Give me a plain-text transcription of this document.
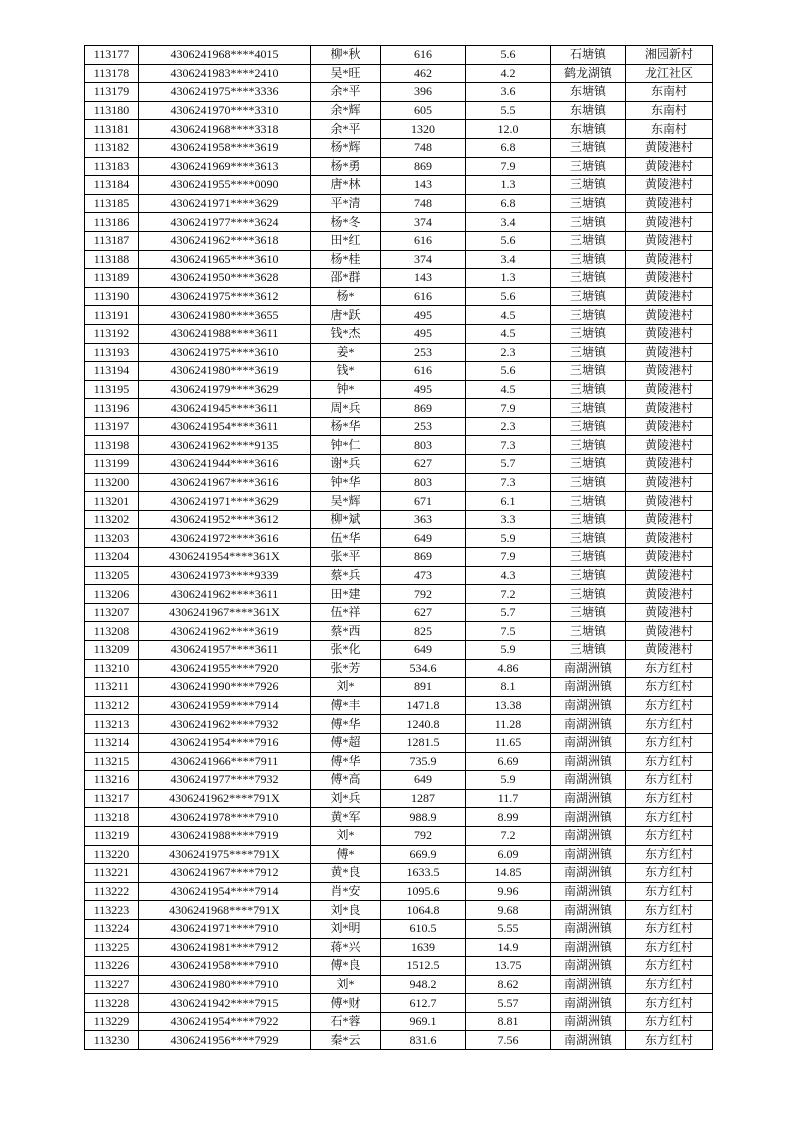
113177	4306241968****4015	柳*秋	616	5.6	石塘镇	湘园新村
113178	4306241983****2410	吴*旺	462	4.2	鹤龙湖镇	龙江社区
113179	4306241975****3336	余*平	396	3.6	东塘镇	东南村
113180	4306241970****3310	余*辉	605	5.5	东塘镇	东南村
113181	4306241968****3318	余*平	1320	12.0	东塘镇	东南村
113182	4306241958****3619	杨*辉	748	6.8	三塘镇	黄陵港村
113183	4306241969****3613	杨*勇	869	7.9	三塘镇	黄陵港村
113184	4306241955****0090	唐*林	143	1.3	三塘镇	黄陵港村
113185	4306241971****3629	平*清	748	6.8	三塘镇	黄陵港村
113186	4306241977****3624	杨*冬	374	3.4	三塘镇	黄陵港村
113187	4306241962****3618	田*红	616	5.6	三塘镇	黄陵港村
113188	4306241965****3610	杨*桂	374	3.4	三塘镇	黄陵港村
113189	4306241950****3628	邵*群	143	1.3	三塘镇	黄陵港村
113190	4306241975****3612	杨*	616	5.6	三塘镇	黄陵港村
113191	4306241980****3655	唐*跃	495	4.5	三塘镇	黄陵港村
113192	4306241988****3611	钱*杰	495	4.5	三塘镇	黄陵港村
113193	4306241975****3610	姜*	253	2.3	三塘镇	黄陵港村
113194	4306241980****3619	钱*	616	5.6	三塘镇	黄陵港村
113195	4306241979****3629	钟*	495	4.5	三塘镇	黄陵港村
113196	4306241945****3611	周*兵	869	7.9	三塘镇	黄陵港村
113197	4306241954****3611	杨*华	253	2.3	三塘镇	黄陵港村
113198	4306241962****9135	钟*仁	803	7.3	三塘镇	黄陵港村
113199	4306241944****3616	谢*兵	627	5.7	三塘镇	黄陵港村
113200	4306241967****3616	钟*华	803	7.3	三塘镇	黄陵港村
113201	4306241971****3629	吴*辉	671	6.1	三塘镇	黄陵港村
113202	4306241952****3612	柳*斌	363	3.3	三塘镇	黄陵港村
113203	4306241972****3616	伍*华	649	5.9	三塘镇	黄陵港村
113204	4306241954****361X	张*平	869	7.9	三塘镇	黄陵港村
113205	4306241973****9339	蔡*兵	473	4.3	三塘镇	黄陵港村
113206	4306241962****3611	田*建	792	7.2	三塘镇	黄陵港村
113207	4306241967****361X	伍*祥	627	5.7	三塘镇	黄陵港村
113208	4306241962****3619	蔡*西	825	7.5	三塘镇	黄陵港村
113209	4306241957****3611	张*化	649	5.9	三塘镇	黄陵港村
113210	4306241955****7920	张*芳	534.6	4.86	南湖洲镇	东方红村
113211	4306241990****7926	刘*	891	8.1	南湖洲镇	东方红村
113212	4306241959****7914	傅*丰	1471.8	13.38	南湖洲镇	东方红村
113213	4306241962****7932	傅*华	1240.8	11.28	南湖洲镇	东方红村
113214	4306241954****7916	傅*超	1281.5	11.65	南湖洲镇	东方红村
113215	4306241966****7911	傅*华	735.9	6.69	南湖洲镇	东方红村
113216	4306241977****7932	傅*高	649	5.9	南湖洲镇	东方红村
113217	4306241962****791X	刘*兵	1287	11.7	南湖洲镇	东方红村
113218	4306241978****7910	黄*军	988.9	8.99	南湖洲镇	东方红村
113219	4306241988****7919	刘*	792	7.2	南湖洲镇	东方红村
113220	4306241975****791X	傅*	669.9	6.09	南湖洲镇	东方红村
113221	4306241967****7912	黄*良	1633.5	14.85	南湖洲镇	东方红村
113222	4306241954****7914	肖*安	1095.6	9.96	南湖洲镇	东方红村
113223	4306241968****791X	刘*良	1064.8	9.68	南湖洲镇	东方红村
113224	4306241971****7910	刘*明	610.5	5.55	南湖洲镇	东方红村
113225	4306241981****7912	蒋*兴	1639	14.9	南湖洲镇	东方红村
113226	4306241958****7910	傅*良	1512.5	13.75	南湖洲镇	东方红村
113227	4306241980****7910	刘*	948.2	8.62	南湖洲镇	东方红村
113228	4306241942****7915	傅*财	612.7	5.57	南湖洲镇	东方红村
113229	4306241954****7922	石*蓉	969.1	8.81	南湖洲镇	东方红村
113230	4306241956****7929	秦*云	831.6	7.56	南湖洲镇	东方红村
